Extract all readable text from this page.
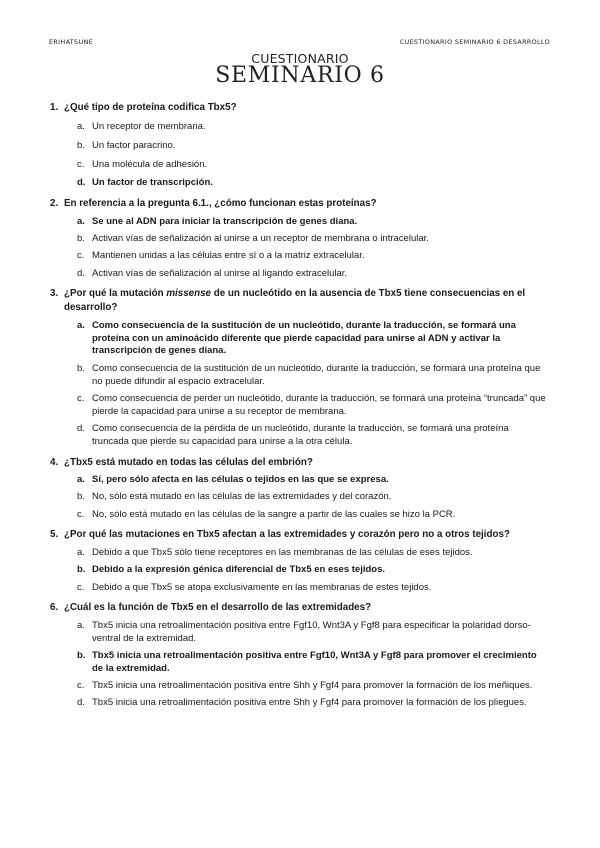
ERIHATSUNE	CUESTIONARIO SEMINARIO 6 DESARROLLO
CUESTIONARIO
SEMINARIO 6
1. ¿Qué tipo de proteína codifica Tbx5?
a. Un receptor de membrana.
b. Un factor paracrino.
c. Una molécula de adhesión.
d. Un factor de transcripción.
2. En referencia a la pregunta 6.1., ¿cómo funcionan estas proteínas?
a. Se une al ADN para iniciar la transcripción de genes diana.
b. Activan vías de señalización al unirse a un receptor de membrana o intracelular.
c. Mantienen unidas a las células entre sí o a la matriz extracelular.
d. Activan vías de señalización al unirse al ligando extracelular.
3. ¿Por qué la mutación missense de un nucleótido en la ausencia de Tbx5 tiene consecuencias en el desarrollo?
a. Como consecuencia de la sustitución de un nucleótido, durante la traducción, se formará una proteína con un aminoácido diferente que pierde capacidad para unirse al ADN y activar la transcripción de genes diana.
b. Como consecuencia de la sustitución de un nucleótido, durante la traducción, se formará una proteína que no puede difundir al espacio extracelular.
c. Como consecuencia de perder un nucleótido, durante la traducción, se formará una proteína “truncada” que pierde la capacidad para unirse a su receptor de membrana.
d. Como consecuencia de la pérdida de un nucleótido, durante la traducción, se formará una proteína truncada que pierde su capacidad para unirse a la otra célula.
4. ¿Tbx5 está mutado en todas las células del embrión?
a. Sí, pero sólo afecta en las células o tejidos en las que se expresa.
b. No, sólo está mutado en las células de las extremidades y del corazón.
c. No, sólo está mutado en las células de la sangre a partir de las cuales se hizo la PCR.
5. ¿Por qué las mutaciones en Tbx5 afectan a las extremidades y corazón pero no a otros tejidos?
a. Debido a que Tbx5 sólo tiene receptores en las membranas de las células de eses tejidos.
b. Debido a la expresión génica diferencial de Tbx5 en eses tejidos.
c. Debido a que Tbx5 se atopa exclusivamente en las membranas de estes tejidos.
6. ¿Cuál es la función de Tbx5 en el desarrollo de las extremidades?
a. Tbx5 inicia una retroalimentación positiva entre Fgf10, Wnt3A y Fgf8 para especificar la polaridad dorso-ventral de la extremidad.
b. Tbx5 inicia una retroalimentación positiva entre Fgf10, Wnt3A y Fgf8 para promover el crecimiento de la extremidad.
c. Tbx5 inicia una retroalimentación positiva entre Shh y Fgf4 para promover la formación de los meñiques.
d. Tbx5 inicia una retroalimentación positiva entre Shh y Fgf4 para promover la formación de los pliegues.
